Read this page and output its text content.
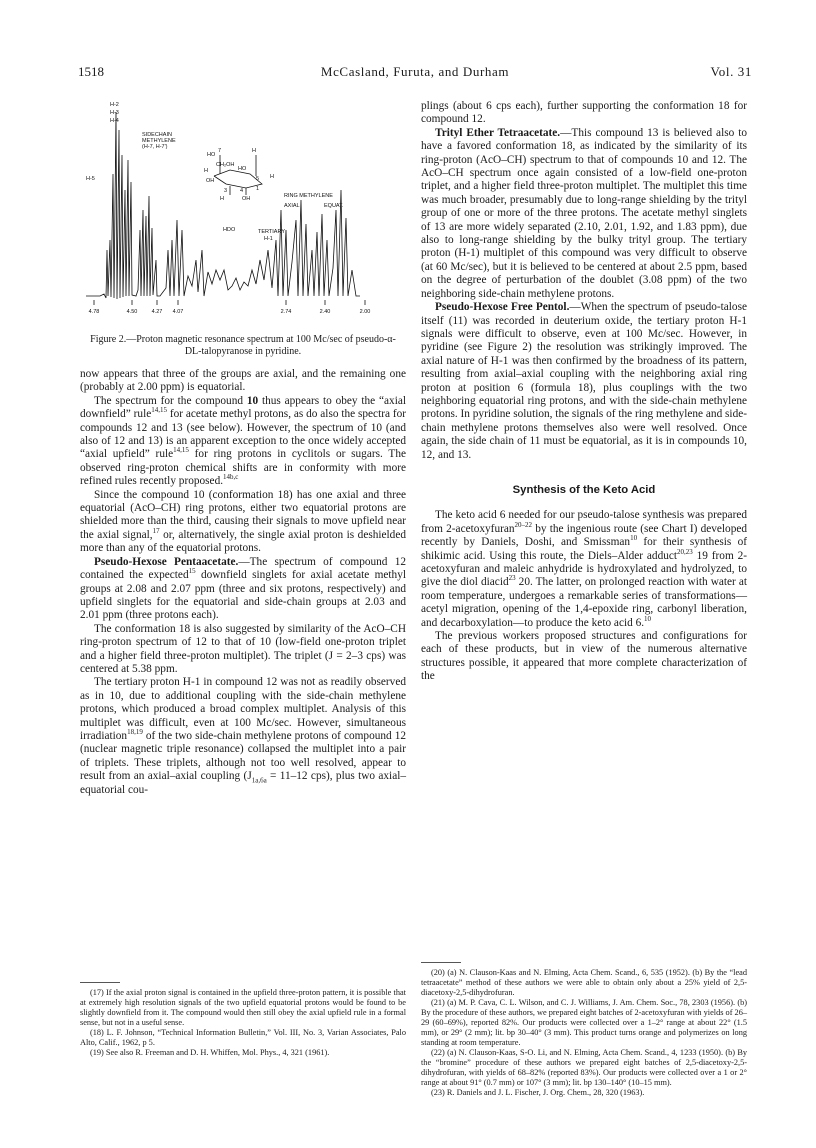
1518	McCasland, Furuta, and Durham	Vol. 31
H-2
H-3
H-4
H-5
SIDECHAIN
METHYLENE
(H-7, H-7')
RING METHYLENE
AXIAL	EQUAT.
HDO	TERTIARY
H-1
HO
7	H
CH₂OH
H	HO
H
OH
3 4 1
5
H	OH
4.78	4.50	4.27 4.07	2.74	2.40	2.00
Figure 2.—Proton magnetic resonance spectrum at 100 Mc/sec of pseudo-α-DL-talopyranose in pyridine.

now appears that three of the groups are axial, and the remaining one (probably at 2.00 ppm) is equatorial.

The spectrum for the compound 10 thus appears to obey the “axial downfield” rule$^{14,15}$ for acetate methyl protons, as do also the spectra for compounds 12 and 13 (see below). However, the spectrum of 10 (and also of 12 and 13) is an apparent exception to the once widely accepted “axial upfield” rule$^{14,15}$ for ring protons in cyclitols or sugars. The observed ring-proton chemical shifts are in conformity with more refined rules recently proposed.$^{14b,c}$

Since the compound 10 (conformation 18) has one axial and three equatorial (AcO–CH) ring protons, either two equatorial protons are shielded more than the third, causing their signals to move upfield near the axial signal,$^{17}$ or, alternatively, the single axial proton is deshielded more than any of the equatorial protons.

Pseudo-Hexose Pentaacetate.—The spectrum of compound 12 contained the expected$^{15}$ downfield singlets for axial acetate methyl groups at 2.08 and 2.07 ppm (three and six protons, respectively) and upfield singlets for the equatorial and side-chain groups at 2.03 and 2.01 ppm (three protons each).

The conformation 18 is also suggested by similarity of the AcO–CH ring-proton spectrum of 12 to that of 10 (low-field one-proton triplet and a higher field three-proton multiplet). The triplet (J = 2–3 cps) was centered at 5.38 ppm.

The tertiary proton H-1 in compound 12 was not as readily observed as in 10, due to additional coupling with the side-chain methylene protons, which produced a broad complex multiplet. Analysis of this multiplet was difficult, even at 100 Mc/sec. However, simultaneous irradiation$^{18,19}$ of the two side-chain methylene protons of compound 12 (nuclear magnetic triple resonance) collapsed the multiplet into a pair of triplets. These triplets, although not too well resolved, appear to result from an axial–axial coupling ($J_{1a,6a} = 11-12$ cps), plus two axial–equatorial cou-

plings (about 6 cps each), further supporting the conformation 18 for compound 12.

Trityl Ether Tetraacetate.—This compound 13 is believed also to have a favored conformation 18, as indicated by the similarity of its ring-proton (AcO–CH) spectrum to that of compounds 10 and 12. The AcO–CH spectrum once again consisted of a low-field one-proton triplet, and a higher field three-proton multiplet. The multiplet this time was much broader, presumably due to long-range shielding by the trityl group of one or more of the three protons. The acetate methyl singlets of 13 are more widely separated (2.10, 2.01, 1.92, and 1.83 ppm), due also to long-range shielding by the bulky trityl group. The tertiary proton (H-1) multiplet of this compound was very difficult to observe (at 60 Mc/sec), but it is believed to be centered at about 2.5 ppm, based on the degree of perturbation of the doublet (3.08 ppm) of the two neighboring side-chain methylene protons.

Pseudo-Hexose Free Pentol.—When the spectrum of pseudo-talose itself (11) was recorded in deuterium oxide, the tertiary proton H-1 signals were difficult to observe, even at 100 Mc/sec. However, in pyridine (see Figure 2) the resolution was strikingly improved. The axial nature of H-1 was then confirmed by the broadness of its pattern, resulting from axial–axial coupling with the neighboring axial ring proton at position 6 (formula 18), plus couplings with the two neighboring equatorial ring protons, and with the side-chain methylene protons. In pyridine solution, the signals of the ring methylene and side-chain methylene protons themselves also were well resolved. Once again, the side chain of 11 must be equatorial, as it is in compounds 10, 12, and 13.

Synthesis of the Keto Acid

The keto acid 6 needed for our pseudo-talose synthesis was prepared from 2-acetoxyfuran$^{20-22}$ by the ingenious route (see Chart I) developed recently by Daniels, Doshi, and Smissman$^{10}$ for their synthesis of shikimic acid. Using this route, the Diels–Alder adduct$^{20,23}$ 19 from 2-acetoxyfuran and maleic anhydride is hydroxylated and hydrolyzed, to give the diol diacid$^{23}$ 20. The latter, on prolonged reaction with water at room temperature, undergoes a remarkable series of transformations—acetyl migration, opening of the 1,4-epoxide ring, carbonyl liberation, and decarboxylation—to produce the keto acid 6.10

The previous workers proposed structures and configurations for each of these products, but in view of the numerous alternative structures possible, it appeared that more complete characterization of the

(17) If the axial proton signal is contained in the upfield three-proton pattern, it is possible that at extremely high resolution signals of the two upfield equatorial protons would be found to be slightly downfield from it. The compound would then still obey the axial upfield rule in a formal sense, but not in a useful sense.
(18) L. F. Johnson, “Technical Information Bulletin,” Vol. III, No. 3, Varian Associates, Palo Alto, Calif., 1962, p 5.
(19) See also R. Freeman and D. H. Whiffen, Mol. Phys., 4, 321 (1961).
(20) (a) N. Clauson-Kaas and N. Elming, Acta Chem. Scand., 6, 535 (1952). (b) By the “lead tetraacetate” method of these authors we were able to obtain only about a 25% yield of 2,5-diacetoxy-2,5-dihydrofuran.
(21) (a) M. P. Cava, C. L. Wilson, and C. J. Williams, J. Am. Chem. Soc., 78, 2303 (1956). (b) By the procedure of these authors, we prepared eight batches of 2-acetoxyfuran with yields of 26–29 (60–69%), reported 82%. Our products were collected over a 1–2° range at about 22° (1.5 mm), or 29° (2 mm); lit. bp 30–40° (3 mm). This product turns orange and polymerizes on long standing at room temperature.
(22) (a) N. Clauson-Kaas, S-O. Li, and N. Elming, Acta Chem. Scand., 4, 1233 (1950). (b) By the “bromine” procedure of these authors we prepared eight batches of 2,5-diacetoxy-2,5-dihydrofuran, with yields of 68–82% (reported 83%). Our products were collected over a 1 or 2° range at about 91° (0.7 mm) or 107° (3 mm); lit. bp 130–140° (10–15 mm).
(23) R. Daniels and J. L. Fischer, J. Org. Chem., 28, 320 (1963).
